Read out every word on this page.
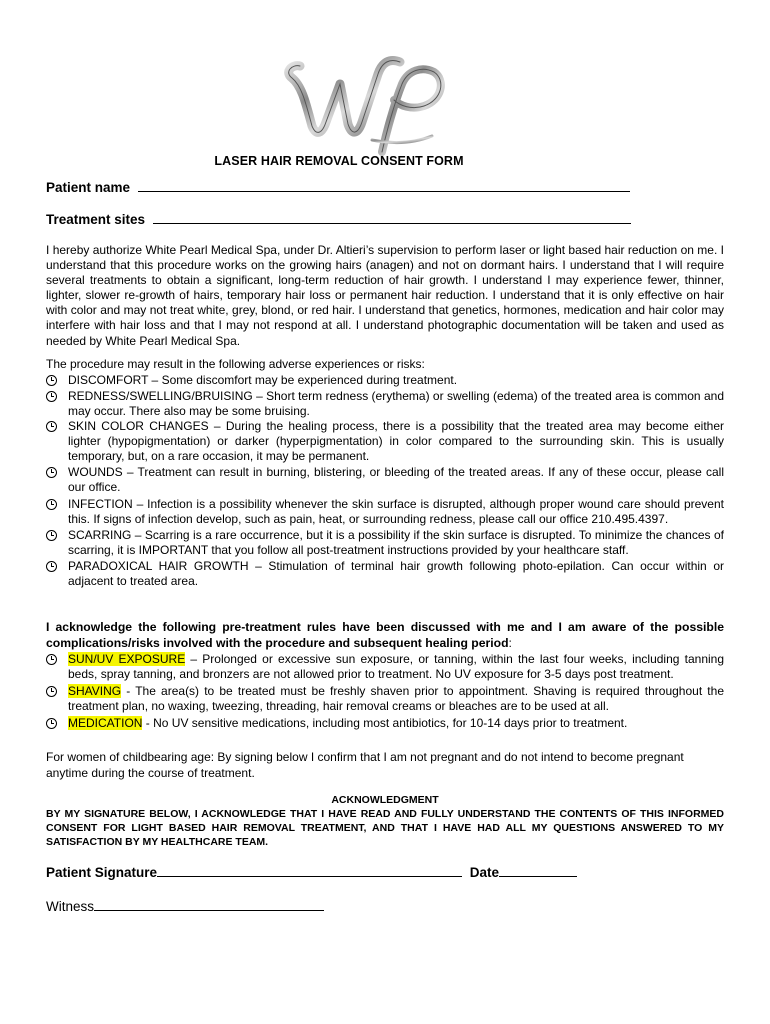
LASER HAIR REMOVAL CONSENT FORM
Patient name
Treatment sites

I hereby authorize White Pearl Medical Spa, under Dr. Altieri’s supervision to perform laser or light based hair reduction on me. I understand that this procedure works on the growing hairs (anagen) and not on dormant hairs. I understand that I will require several treatments to obtain a significant, long-term reduction of hair growth. I understand I may experience fewer, thinner, lighter, slower re-growth of hairs, temporary hair loss or permanent hair reduction. I understand that it is only effective on hair with color and may not treat white, grey, blond, or red hair. I understand that genetics, hormones, medication and hair color may interfere with hair loss and that I may not respond at all. I understand photographic documentation will be taken and used as needed by White Pearl Medical Spa.

The procedure may result in the following adverse experiences or risks:
DISCOMFORT – Some discomfort may be experienced during treatment.
REDNESS/SWELLING/BRUISING – Short term redness (erythema) or swelling (edema) of the treated area is common and may occur. There also may be some bruising.
SKIN COLOR CHANGES – During the healing process, there is a possibility that the treated area may become either lighter (hypopigmentation) or darker (hyperpigmentation) in color compared to the surrounding skin. This is usually temporary, but, on a rare occasion, it may be permanent.
WOUNDS – Treatment can result in burning, blistering, or bleeding of the treated areas. If any of these occur, please call our office.
INFECTION – Infection is a possibility whenever the skin surface is disrupted, although proper wound care should prevent this. If signs of infection develop, such as pain, heat, or surrounding redness, please call our office 210.495.4397.
SCARRING – Scarring is a rare occurrence, but it is a possibility if the skin surface is disrupted. To minimize the chances of scarring, it is IMPORTANT that you follow all post-treatment instructions provided by your healthcare staff.
PARADOXICAL HAIR GROWTH – Stimulation of terminal hair growth following photo-epilation. Can occur within or adjacent to treated area.
I acknowledge the following pre-treatment rules have been discussed with me and I am aware of the possible complications/risks involved with the procedure and subsequent healing period:
SUN/UV EXPOSURE – Prolonged or excessive sun exposure, or tanning, within the last four weeks, including tanning beds, spray tanning, and bronzers are not allowed prior to treatment. No UV exposure for 3-5 days post treatment.
SHAVING - The area(s) to be treated must be freshly shaven prior to appointment. Shaving is required throughout the treatment plan, no waxing, tweezing, threading, hair removal creams or bleaches are to be used at all.
MEDICATION - No UV sensitive medications, including most antibiotics, for 10-14 days prior to treatment.

For women of childbearing age: By signing below I confirm that I am not pregnant and do not intend to become pregnant anytime during the course of treatment.

ACKNOWLEDGMENT

BY MY SIGNATURE BELOW, I ACKNOWLEDGE THAT I HAVE READ AND FULLY UNDERSTAND THE CONTENTS OF THIS INFORMED CONSENT FOR LIGHT BASED HAIR REMOVAL TREATMENT, AND THAT I HAVE HAD ALL MY QUESTIONS ANSWERED TO MY SATISFACTION BY MY HEALTHCARE TEAM.

Patient Signature	Date
Witness
